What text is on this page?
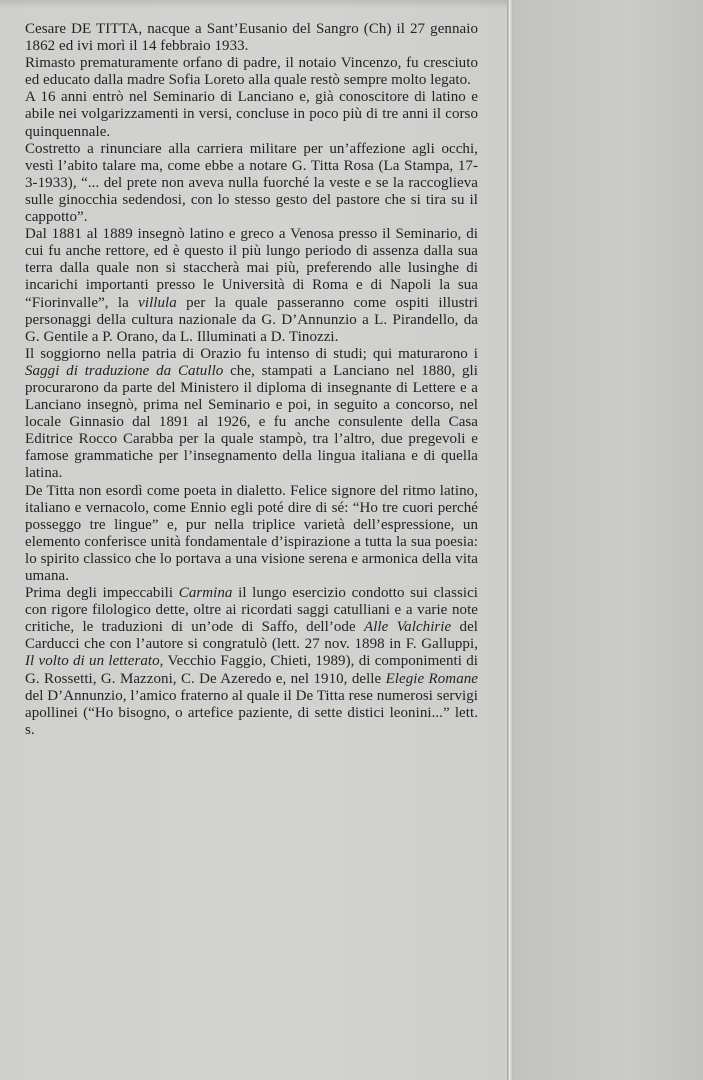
Cesare DE TITTA, nacque a Sant’Eusanio del Sangro (Ch) il 27 gennaio 1862 ed ivi morì il 14 febbraio 1933.

Rimasto prematuramente orfano di padre, il notaio Vincenzo, fu cresciuto ed educato dalla madre Sofia Loreto alla quale restò sempre molto legato.

A 16 anni entrò nel Seminario di Lanciano e, già conoscitore di latino e abile nei volgarizzamenti in versi, concluse in poco più di tre anni il corso quinquennale.

Costretto a rinunciare alla carriera militare per un’affezione agli occhi, vestì l’abito talare ma, come ebbe a notare G. Titta Rosa (La Stampa, 17-3-1933), “... del prete non aveva nulla fuorché la veste e se la raccoglieva sulle ginocchia sedendosi, con lo stesso gesto del pastore che si tira su il cappotto”.

Dal 1881 al 1889 insegnò latino e greco a Venosa presso il Seminario, di cui fu anche rettore, ed è questo il più lungo periodo di assenza dalla sua terra dalla quale non si staccherà mai più, preferendo alle lusinghe di incarichi importanti presso le Università di Roma e di Napoli la sua “Fiorinvalle”, la villula per la quale passeranno come ospiti illustri personaggi della cultura nazionale da G. D’Annunzio a L. Pirandello, da G. Gentile a P. Orano, da L. Illuminati a D. Tinozzi.

Il soggiorno nella patria di Orazio fu intenso di studi; qui maturarono i Saggi di traduzione da Catullo che, stampati a Lanciano nel 1880, gli procurarono da parte del Ministero il diploma di insegnante di Lettere e a Lanciano insegnò, prima nel Seminario e poi, in seguito a concorso, nel locale Ginnasio dal 1891 al 1926, e fu anche consulente della Casa Editrice Rocco Carabba per la quale stampò, tra l’altro, due pregevoli e famose grammatiche per l’insegnamento della lingua italiana e di quella latina.

De Titta non esordì come poeta in dialetto. Felice signore del ritmo latino, italiano e vernacolo, come Ennio egli poté dire di sé: “Ho tre cuori perché posseggo tre lingue” e, pur nella triplice varietà dell’espressione, un elemento conferisce unità fondamentale d’ispirazione a tutta la sua poesia: lo spirito classico che lo portava a una visione serena e armonica della vita umana.

Prima degli impeccabili Carmina il lungo esercizio condotto sui classici con rigore filologico dette, oltre ai ricordati saggi catulliani e a varie note critiche, le traduzioni di un’ode di Saffo, dell’ode Alle Valchirie del Carducci che con l’autore si congratulò (lett. 27 nov. 1898 in F. Galluppi, Il volto di un letterato, Vecchio Faggio, Chieti, 1989), di componimenti di G. Rossetti, G. Mazzoni, C. De Azeredo e, nel 1910, delle Elegie Romane del D’Annunzio, l’amico fraterno al quale il De Titta rese numerosi servigi apollinei (“Ho bisogno, o artefice paziente, di sette distici leonini...” lett. s.
